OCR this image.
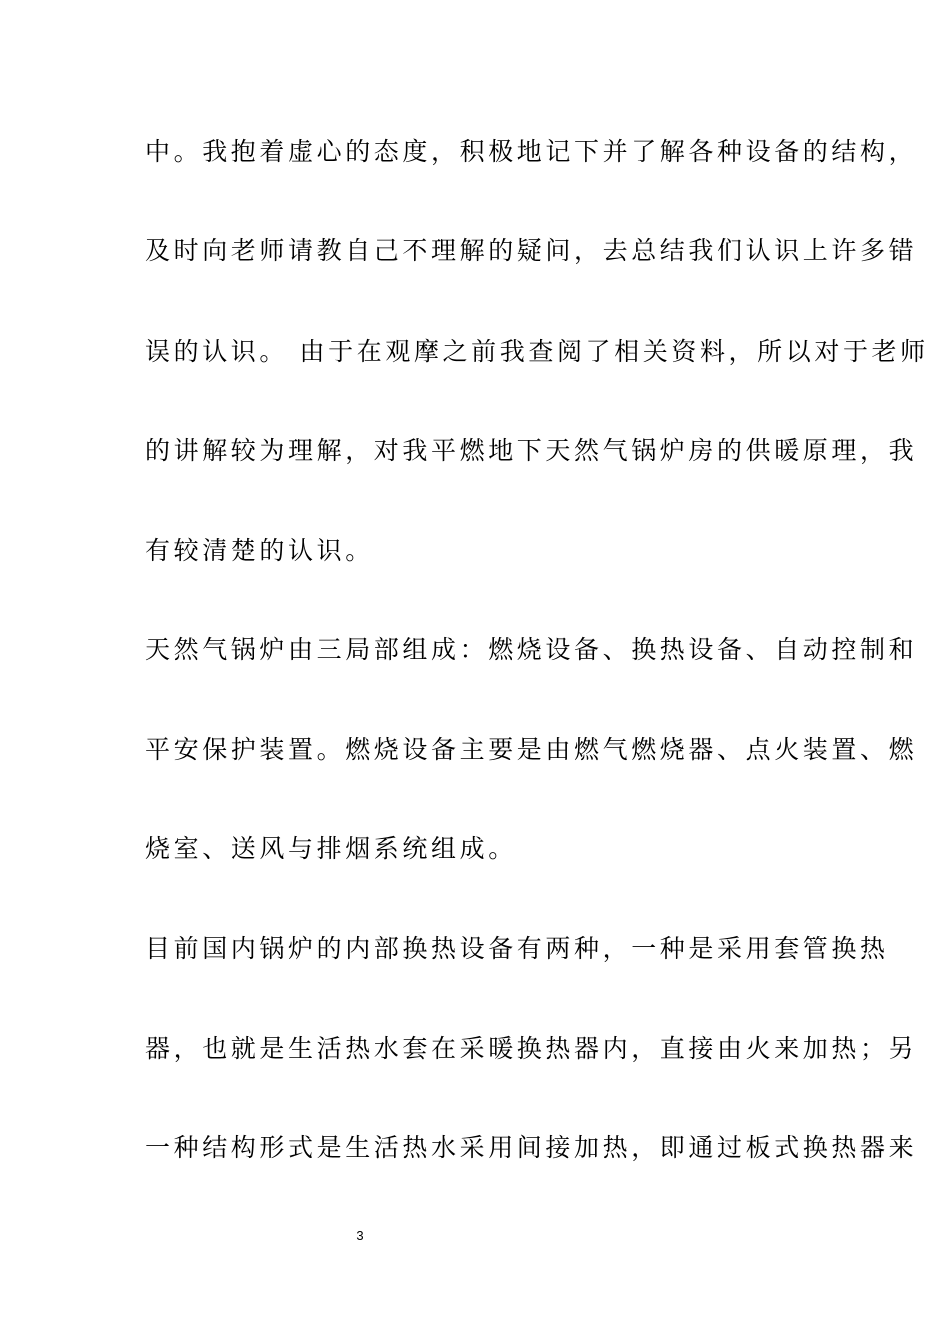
中。我抱着虚心的态度，积极地记下并了解各种设备的结构，
及时向老师请教自己不理解的疑问，去总结我们认识上许多错
误的认识。 由于在观摩之前我查阅了相关资料，所以对于老师
的讲解较为理解，对我平燃地下天然气锅炉房的供暖原理，我
有较清楚的认识。
天然气锅炉由三局部组成：燃烧设备、换热设备、自动控制和
平安保护装置。燃烧设备主要是由燃气燃烧器、点火装置、燃
烧室、送风与排烟系统组成。
目前国内锅炉的内部换热设备有两种，一种是采用套管换热
器，也就是生活热水套在采暖换热器内，直接由火来加热；另
一种结构形式是生活热水采用间接加热，即通过板式换热器来
3
